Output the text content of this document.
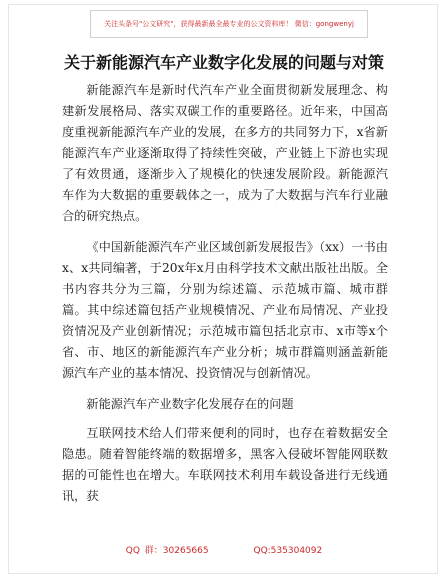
关注头条号"公文研究"，获得最新最全最专业的公文资料库！ 微信：gongwenyj
关于新能源汽车产业数字化发展的问题与对策

新能源汽车是新时代汽车产业全面贯彻新发展理念、构建新发展格局、落实双碳工作的重要路径。近年来，中国高度重视新能源汽车产业的发展，在多方的共同努力下，x省新能源汽车产业逐渐取得了持续性突破，产业链上下游也实现了有效贯通，逐渐步入了规模化的快速发展阶段。新能源汽车作为大数据的重要载体之一，成为了大数据与汽车行业融合的研究热点。

《中国新能源汽车产业区域创新发展报告》（xx）一书由x、x共同编著，于20x年x月由科学技术文献出版社出版。全书内容共分为三篇，分别为综述篇、示范城市篇、城市群篇。其中综述篇包括产业规模情况、产业布局情况、产业投资情况及产业创新情况；示范城市篇包括北京市、x市等x个省、市、地区的新能源汽车产业分析；城市群篇则涵盖新能源汽车产业的基本情况、投资情况与创新情况。

新能源汽车产业数字化发展存在的问题

互联网技术给人们带来便利的同时，也存在着数据安全隐患。随着智能终端的数据增多，黑客入侵破坏智能网联数据的可能性也在增大。车联网技术利用车载设备进行无线通讯，获

QQ 群：30265665	QQ:535304092
